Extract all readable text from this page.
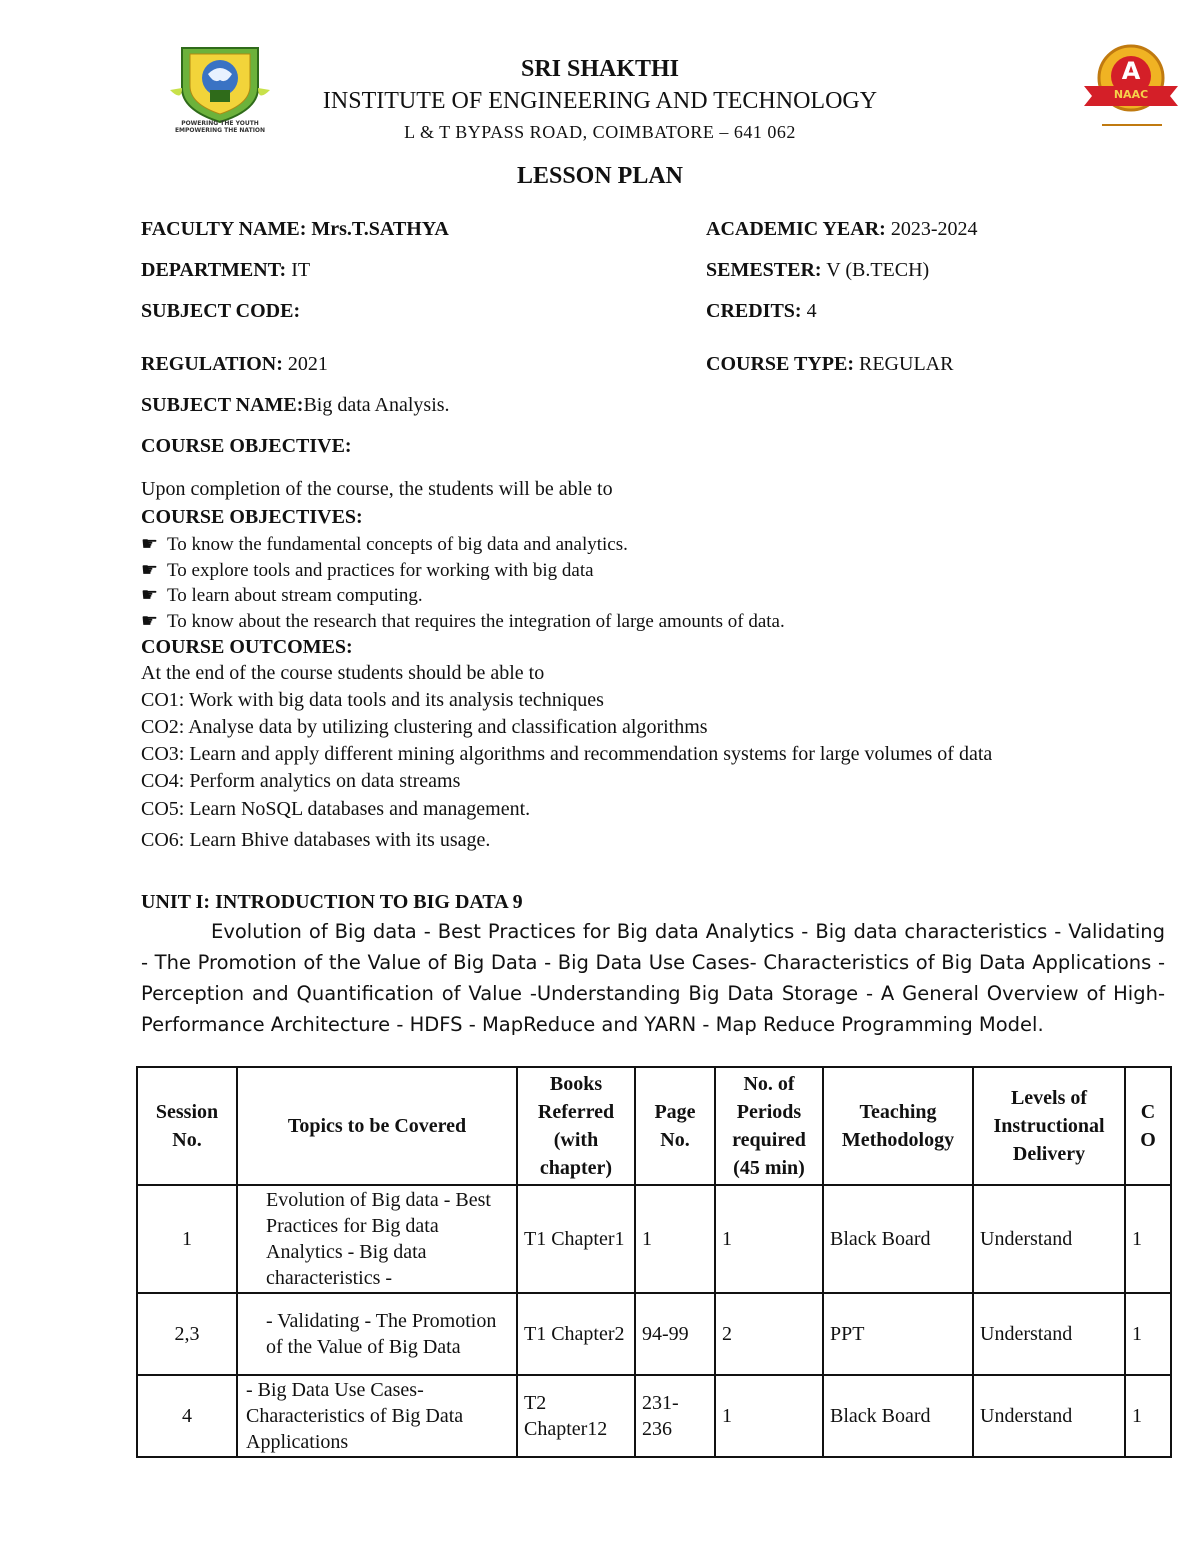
POWERING THE YOUTH
EMPOWERING THE NATION
A
NAAC
SRI SHAKTHI
INSTITUTE OF ENGINEERING AND TECHNOLOGY
L & T BYPASS ROAD, COIMBATORE – 641 062
LESSON PLAN
FACULTY NAME: Mrs.T.SATHYA	ACADEMIC YEAR: 2023-2024
DEPARTMENT: IT	SEMESTER: V (B.TECH)
SUBJECT CODE:	CREDITS: 4
REGULATION: 2021	COURSE TYPE: REGULAR
SUBJECT NAME:Big data Analysis.
COURSE OBJECTIVE:
Upon completion of the course, the students will be able to
COURSE OBJECTIVES:
☛ To know the fundamental concepts of big data and analytics.
☛ To explore tools and practices for working with big data
☛ To learn about stream computing.
☛ To know about the research that requires the integration of large amounts of data.
COURSE OUTCOMES:
At the end of the course students should be able to
CO1: Work with big data tools and its analysis techniques
CO2: Analyse data by utilizing clustering and classification algorithms
CO3: Learn and apply different mining algorithms and recommendation systems for large volumes of data
CO4: Perform analytics on data streams
CO5: Learn NoSQL databases and management.
CO6: Learn Bhive databases with its usage.
UNIT I: INTRODUCTION TO BIG DATA 9
Evolution of Big data - Best Practices for Big data Analytics - Big data characteristics - Validating - The Promotion of the Value of Big Data - Big Data Use Cases- Characteristics of Big Data Applications - Perception and Quantification of Value -Understanding Big Data Storage - A General Overview of High-Performance Architecture - HDFS - MapReduce and YARN - Map Reduce Programming Model.
Session No.	Topics to be Covered	Books Referred (with chapter)	Page No.	No. of Periods required (45 min)	Teaching Methodology	Levels of Instructional Delivery	C O
1	Evolution of Big data - Best Practices for Big data Analytics - Big data characteristics -	T1 Chapter1	1	1	Black Board	Understand	1
2,3	- Validating - The Promotion of the Value of Big Data	T1 Chapter2	94-99	2	PPT	Understand	1
4	- Big Data Use Cases- Characteristics of Big Data Applications	T2 Chapter12	231-236	1	Black Board	Understand	1
